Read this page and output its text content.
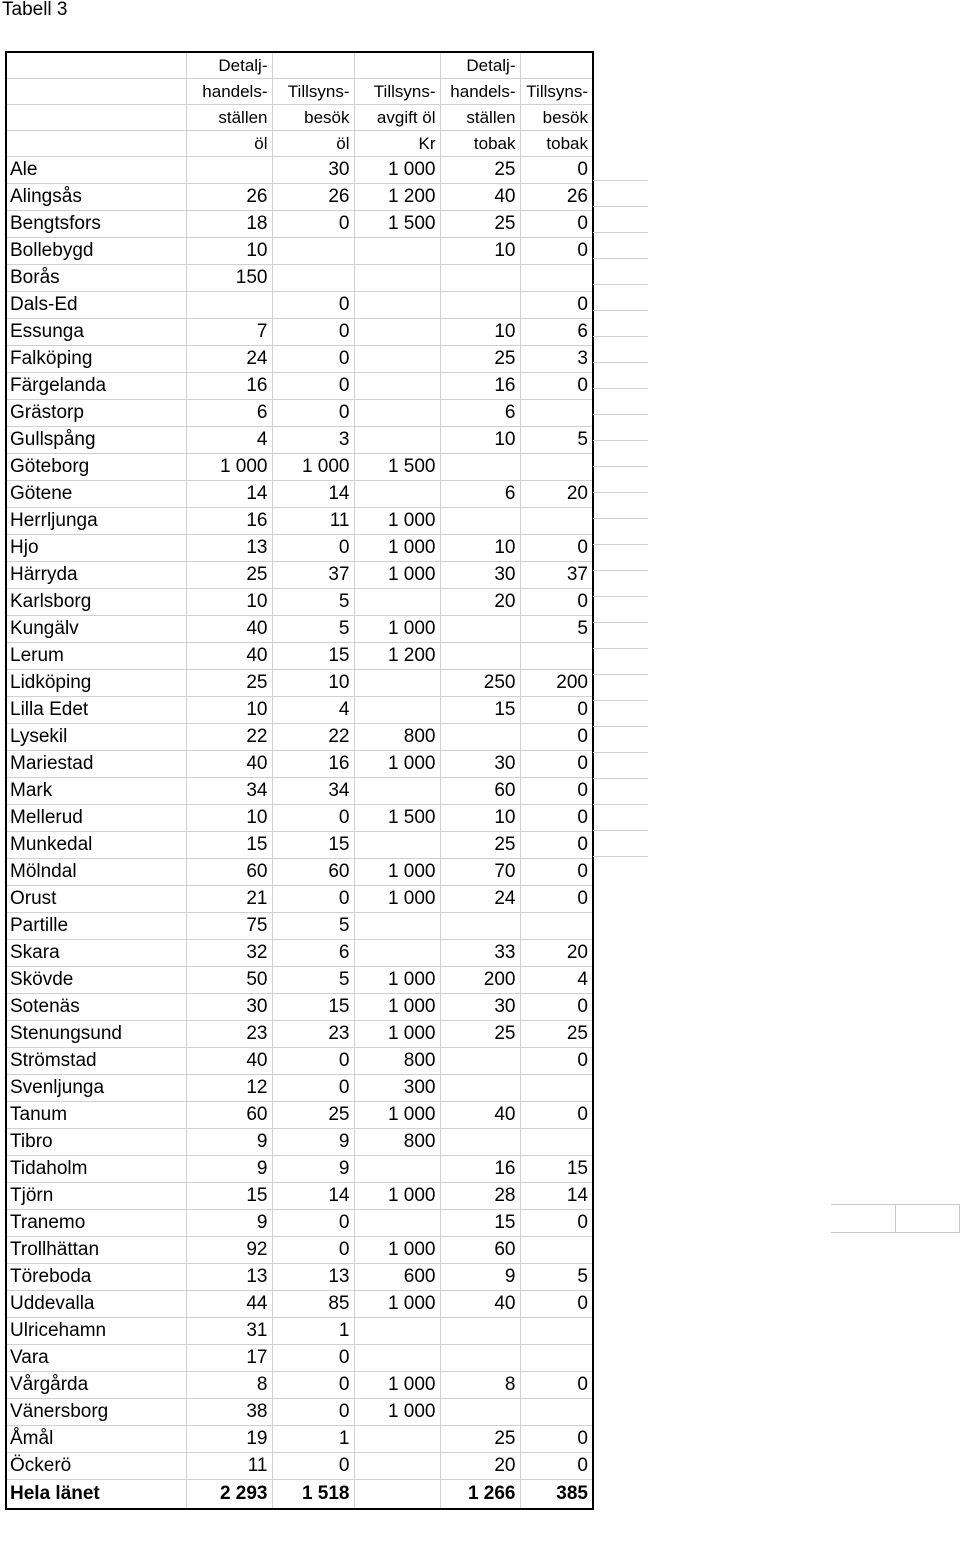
Tabell 3
	Detalj-			Detalj-	
	handels-	Tillsyns-	Tillsyns-	handels-	Tillsyns-
	ställen	besök	avgift öl	ställen	besök
	öl	öl	Kr	tobak	tobak
Ale		30	1 000	25	0
Alingsås	26	26	1 200	40	26
Bengtsfors	18	0	1 500	25	0
Bollebygd	10			10	0
Borås	150				
Dals-Ed		0			0
Essunga	7	0		10	6
Falköping	24	0		25	3
Färgelanda	16	0		16	0
Grästorp	6	0		6	
Gullspång	4	3		10	5
Göteborg	1 000	1 000	1 500		
Götene	14	14		6	20
Herrljunga	16	11	1 000		
Hjo	13	0	1 000	10	0
Härryda	25	37	1 000	30	37
Karlsborg	10	5		20	0
Kungälv	40	5	1 000		5
Lerum	40	15	1 200		
Lidköping	25	10		250	200
Lilla Edet	10	4		15	0
Lysekil	22	22	800		0
Mariestad	40	16	1 000	30	0
Mark	34	34		60	0
Mellerud	10	0	1 500	10	0
Munkedal	15	15		25	0
Mölndal	60	60	1 000	70	0
Orust	21	0	1 000	24	0
Partille	75	5			
Skara	32	6		33	20
Skövde	50	5	1 000	200	4
Sotenäs	30	15	1 000	30	0
Stenungsund	23	23	1 000	25	25
Strömstad	40	0	800		0
Svenljunga	12	0	300		
Tanum	60	25	1 000	40	0
Tibro	9	9	800		
Tidaholm	9	9		16	15
Tjörn	15	14	1 000	28	14
Tranemo	9	0		15	0
Trollhättan	92	0	1 000	60	
Töreboda	13	13	600	9	5
Uddevalla	44	85	1 000	40	0
Ulricehamn	31	1			
Vara	17	0			
Vårgårda	8	0	1 000	8	0
Vänersborg	38	0	1 000		
Åmål	19	1		25	0
Öckerö	11	0		20	0
Hela länet	2 293	1 518		1 266	385
